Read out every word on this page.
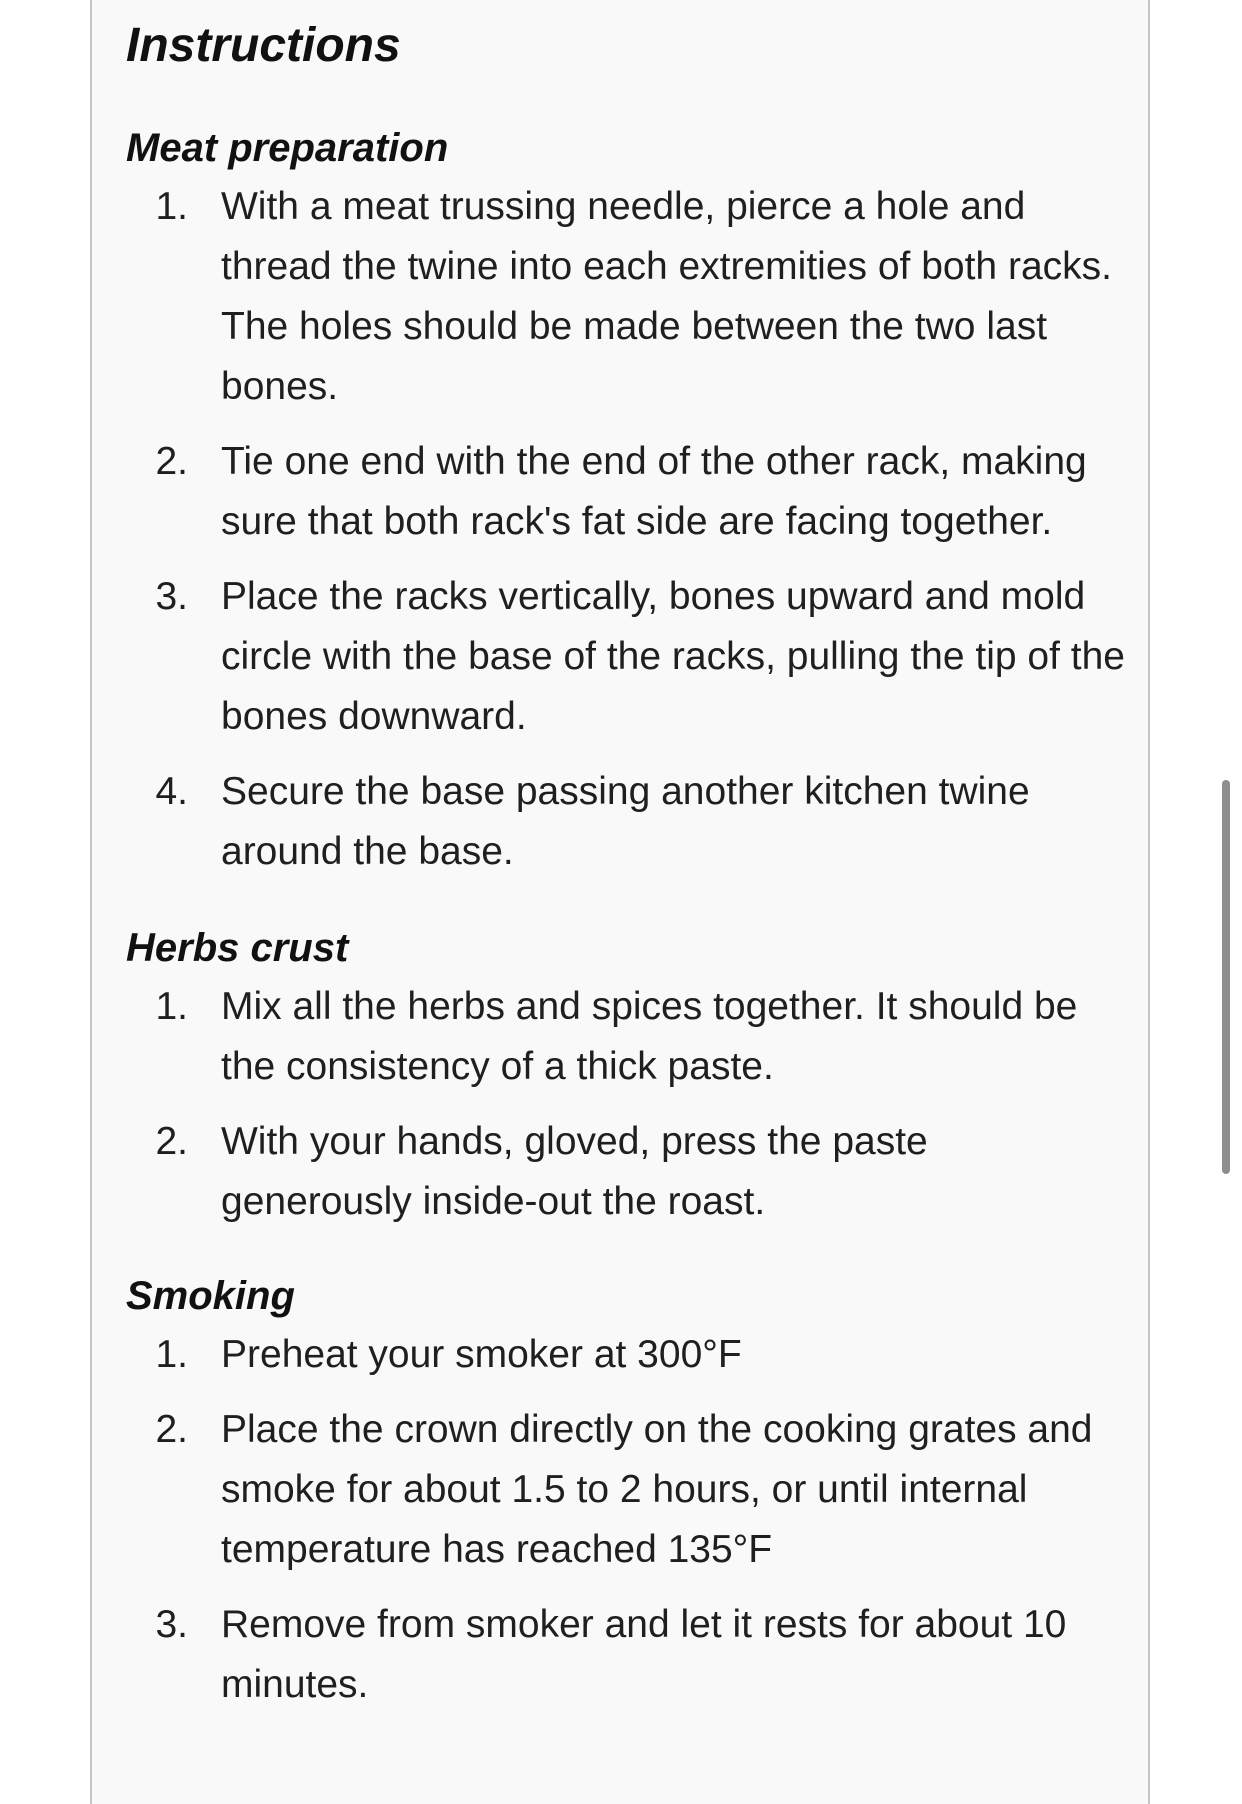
Instructions
Meat preparation
1. With a meat trussing needle, pierce a hole and thread the twine into each extremities of both racks. The holes should be made between the two last bones.
2. Tie one end with the end of the other rack, making sure that both rack's fat side are facing together.
3. Place the racks vertically, bones upward and mold circle with the base of the racks, pulling the tip of the bones downward.
4. Secure the base passing another kitchen twine around the base.
Herbs crust
1. Mix all the herbs and spices together. It should be the consistency of a thick paste.
2. With your hands, gloved, press the paste generously inside-out the roast.
Smoking
1. Preheat your smoker at 300°F
2. Place the crown directly on the cooking grates and smoke for about 1.5 to 2 hours, or until internal temperature has reached 135°F
3. Remove from smoker and let it rests for about 10 minutes.
